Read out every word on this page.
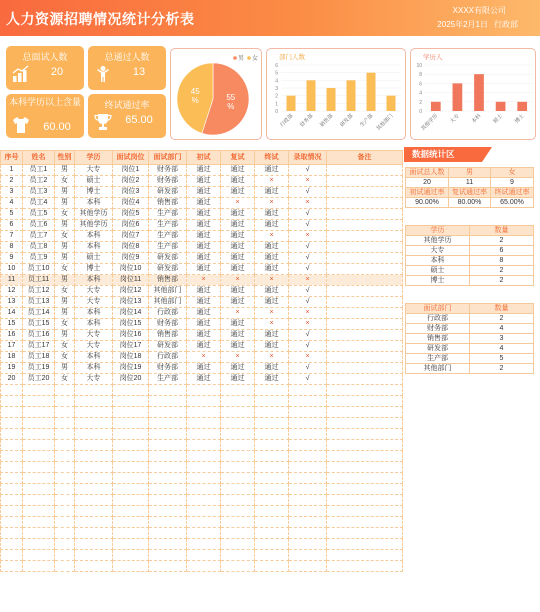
人力资源招聘情况统计分析表
XXXX有限公司
2025年2月1日 行政部
总面试人数
20
总通过人数
13
本科学历以上含量
60.00
终试通过率
65.00
55
%
45
%
男 女	部门人数
0
1
2
3
4
5
6
行政部 财务部 销售部 研发部 生产部 其他部门
学历人
0
2
4
6
8
10
其他学历 大专 本科 硕士 博士
序号	姓名	性别	学历	面试岗位	面试部门	初试	复试	终试	录取情况	备注
1	员工1	男	大专	岗位1	财务部	通过	通过	通过	√	
2	员工2	女	硕士	岗位2	财务部	通过	通过	×	×	
3	员工3	男	博士	岗位3	研发部	通过	通过	通过	√	
4	员工4	男	本科	岗位4	销售部	通过	×	×	×	
5	员工5	女	其他学历	岗位5	生产部	通过	通过	通过	√	
6	员工6	男	其他学历	岗位6	生产部	通过	通过	通过	√	
7	员工7	女	本科	岗位7	生产部	通过	通过	×	×	
8	员工8	男	本科	岗位8	生产部	通过	通过	通过	√	
9	员工9	男	硕士	岗位9	研发部	通过	通过	通过	√	
10	员工10	女	博士	岗位10	研发部	通过	通过	通过	√	
11	员工11	男	本科	岗位11	销售部	×	×	×	×	
12	员工12	女	大专	岗位12	其他部门	通过	通过	通过	√	
13	员工13	男	大专	岗位13	其他部门	通过	通过	通过	√	
14	员工14	男	本科	岗位14	行政部	通过	×	×	×	
15	员工15	女	本科	岗位15	财务部	通过	通过	×	×	
16	员工16	男	大专	岗位16	销售部	通过	通过	通过	√	
17	员工17	女	大专	岗位17	研发部	通过	通过	通过	√	
18	员工18	女	本科	岗位18	行政部	×	×	×	×	
19	员工19	男	本科	岗位19	财务部	通过	通过	通过	√	
20	员工20	女	大专	岗位20	生产部	通过	通过	通过	√	

数据统计区
面试总人数	男	女
20	11	9
初试通过率	复试通过率	终试通过率
90.00%	80.00%	65.00%
学历	数量
其他学历	2
大专	6
本科	8
硕士	2
博士	2
面试部门	数量
行政部	2
财务部	4
销售部	3
研发部	4
生产部	5
其他部门	2
